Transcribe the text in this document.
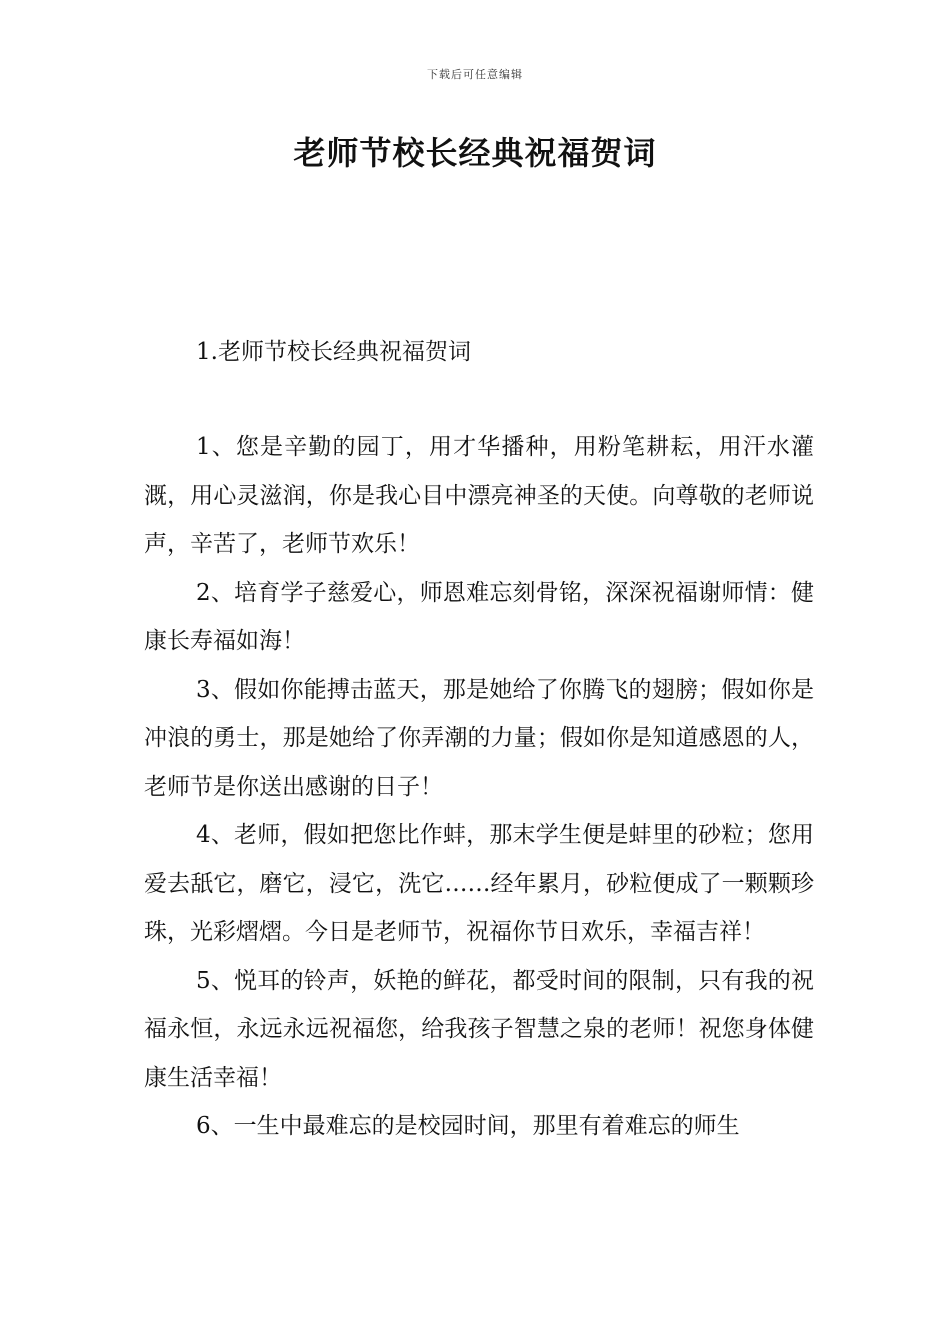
下载后可任意编辑
老师节校长经典祝福贺词
1.老师节校长经典祝福贺词

1、您是辛勤的园丁，用才华播种，用粉笔耕耘，用汗水灌溉，用心灵滋润，你是我心目中漂亮神圣的天使。向尊敬的老师说声，辛苦了，老师节欢乐！

2、培育学子慈爱心，师恩难忘刻骨铭，深深祝福谢师情：健康长寿福如海！

3、假如你能搏击蓝天，那是她给了你腾飞的翅膀；假如你是冲浪的勇士，那是她给了你弄潮的力量；假如你是知道感恩的人，老师节是你送出感谢的日子！

4、老师，假如把您比作蚌，那末学生便是蚌里的砂粒；您用爱去舐它，磨它，浸它，洗它……经年累月，砂粒便成了一颗颗珍珠，光彩熠熠。今日是老师节，祝福你节日欢乐，幸福吉祥！

5、悦耳的铃声，妖艳的鲜花，都受时间的限制，只有我的祝福永恒，永远永远祝福您，给我孩子智慧之泉的老师！祝您身体健康生活幸福！

6、一生中最难忘的是校园时间，那里有着难忘的师生
